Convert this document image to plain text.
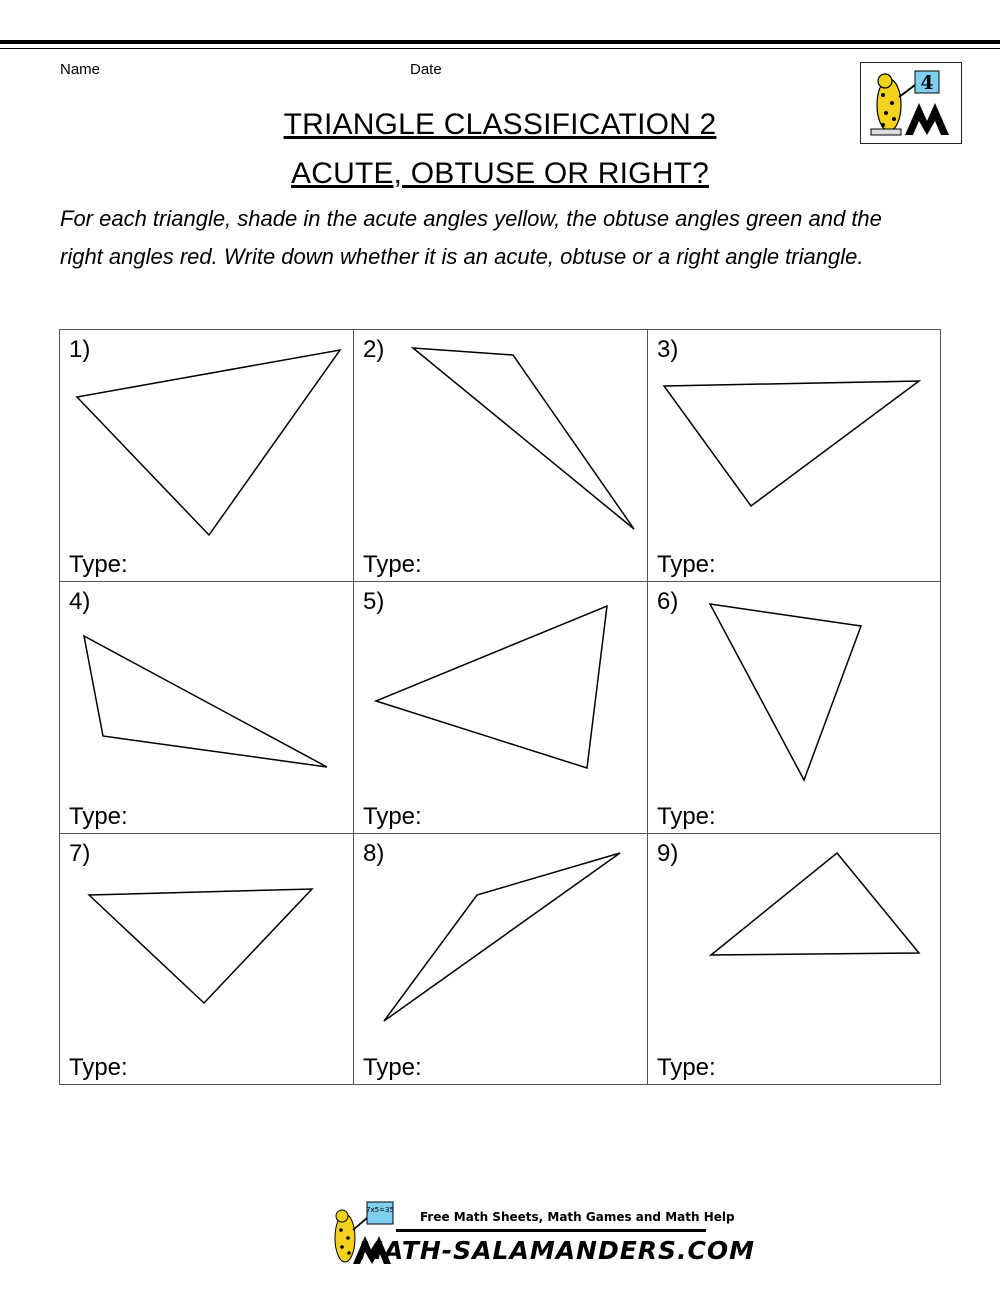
Name	Date
4
TRIANGLE CLASSIFICATION 2
ACUTE, OBTUSE OR RIGHT?
For each triangle, shade in the acute angles yellow, the obtuse angles green and the right angles red. Write down whether it is an acute, obtuse or a right angle triangle.
1)
Type:
2)
Type:
3)
Type:
4)
Type:
5)
Type:
6)
Type:
7)
Type:
8)
Type:
9)
Type:
7x5=35 Free Math Sheets, Math Games and Math Help
MATH-SALAMANDERS.COM
